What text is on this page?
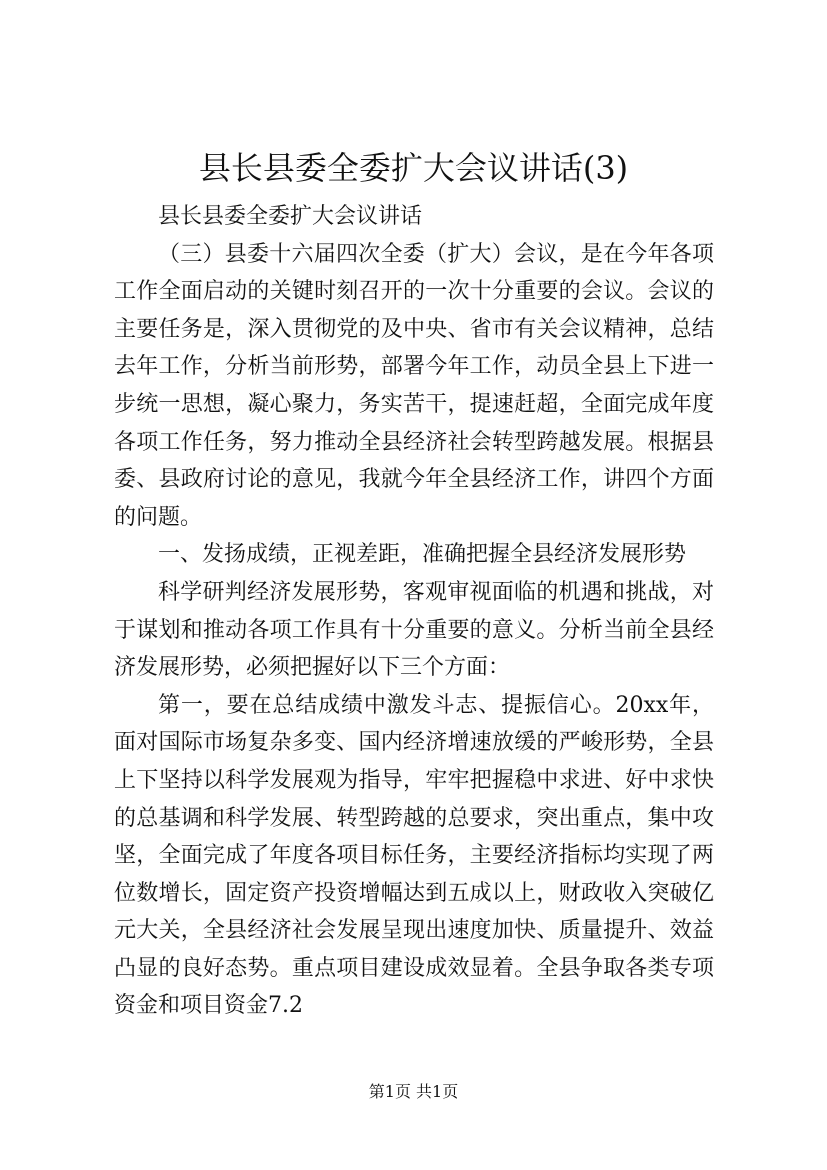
县长县委全委扩大会议讲话(3)

县长县委全委扩大会议讲话

（三）县委十六届四次全委（扩大）会议，是在今年各项工作全面启动的关键时刻召开的一次十分重要的会议。会议的主要任务是，深入贯彻党的及中央、省市有关会议精神，总结去年工作，分析当前形势，部署今年工作，动员全县上下进一步统一思想，凝心聚力，务实苦干，提速赶超，全面完成年度各项工作任务，努力推动全县经济社会转型跨越发展。根据县委、县政府讨论的意见，我就今年全县经济工作，讲四个方面的问题。

一、发扬成绩，正视差距，准确把握全县经济发展形势

科学研判经济发展形势，客观审视面临的机遇和挑战，对于谋划和推动各项工作具有十分重要的意义。分析当前全县经济发展形势，必须把握好以下三个方面：

第一，要在总结成绩中激发斗志、提振信心。20xx年，面对国际市场复杂多变、国内经济增速放缓的严峻形势，全县上下坚持以科学发展观为指导，牢牢把握稳中求进、好中求快的总基调和科学发展、转型跨越的总要求，突出重点，集中攻坚，全面完成了年度各项目标任务，主要经济指标均实现了两位数增长，固定资产投资增幅达到五成以上，财政收入突破亿元大关，全县经济社会发展呈现出速度加快、质量提升、效益凸显的良好态势。重点项目建设成效显着。全县争取各类专项资金和项目资金7.2

第1页 共1页
